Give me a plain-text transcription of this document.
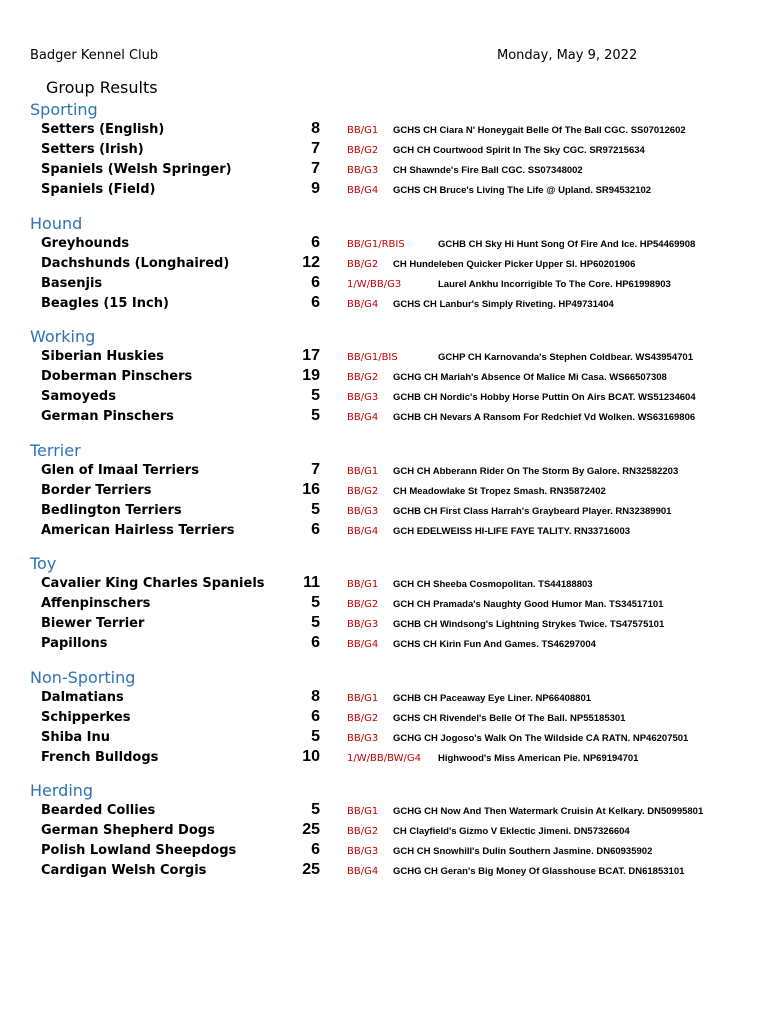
Badger Kennel Club	Monday, May 9, 2022
Group Results
Sporting
Setters (English)	8	BB/G1 GCHS CH Ciara N' Honeygait Belle Of The Ball CGC. SS07012602
Setters (Irish)	7	BB/G2 GCH CH Courtwood Spirit In The Sky CGC. SR97215634
Spaniels (Welsh Springer)	7	BB/G3 CH Shawnde's Fire Ball CGC. SS07348002
Spaniels (Field)	9	BB/G4 GCHS CH Bruce's Living The Life @ Upland. SR94532102
Hound
Greyhounds	6	BB/G1/RBIS	GCHB CH Sky Hi Hunt Song Of Fire And Ice. HP54469908
Dachshunds (Longhaired)	12	BB/G2 CH Hundeleben Quicker Picker Upper Sl. HP60201906
Basenjis	6	1/W/BB/G3	Laurel Ankhu Incorrigible To The Core. HP61998903
Beagles (15 Inch)	6	BB/G4 GCHS CH Lanbur's Simply Riveting. HP49731404
Working
Siberian Huskies	17	BB/G1/BIS	GCHP CH Karnovanda's Stephen Coldbear. WS43954701
Doberman Pinschers	19	BB/G2 GCHG CH Mariah's Absence Of Malice Mi Casa. WS66507308
Samoyeds	5	BB/G3 GCHB CH Nordic's Hobby Horse Puttin On Airs BCAT. WS51234604
German Pinschers	5	BB/G4 GCHB CH Nevars A Ransom For Redchief Vd Wolken. WS63169806
Terrier
Glen of Imaal Terriers	7	BB/G1 GCH CH Abberann Rider On The Storm By Galore. RN32582203
Border Terriers	16	BB/G2 CH Meadowlake St Tropez Smash. RN35872402
Bedlington Terriers	5	BB/G3 GCHB CH First Class Harrah's Graybeard Player. RN32389901
American Hairless Terriers	6	BB/G4 GCH EDELWEISS HI-LIFE FAYE TALITY. RN33716003
Toy
Cavalier King Charles Spaniels	11	BB/G1 GCH CH Sheeba Cosmopolitan. TS44188803
Affenpinschers	5	BB/G2 GCH CH Pramada's Naughty Good Humor Man. TS34517101
Biewer Terrier	5	BB/G3 GCHB CH Windsong's Lightning Strykes Twice. TS47575101
Papillons	6	BB/G4 GCHS CH Kirin Fun And Games. TS46297004
Non-Sporting
Dalmatians	8	BB/G1 GCHB CH Paceaway Eye Liner. NP66408801
Schipperkes	6	BB/G2 GCHS CH Rivendel's Belle Of The Ball. NP55185301
Shiba Inu	5	BB/G3 GCHG CH Jogoso's Walk On The Wildside CA RATN. NP46207501
French Bulldogs	10	1/W/BB/BW/G4 Highwood's Miss American Pie. NP69194701
Herding
Bearded Collies	5	BB/G1 GCHG CH Now And Then Watermark Cruisin At Kelkary. DN50995801
German Shepherd Dogs	25	BB/G2 CH Clayfield's Gizmo V Eklectic Jimeni. DN57326604
Polish Lowland Sheepdogs	6	BB/G3 GCH CH Snowhill's Dulin Southern Jasmine. DN60935902
Cardigan Welsh Corgis	25	BB/G4 GCHG CH Geran's Big Money Of Glasshouse BCAT. DN61853101
